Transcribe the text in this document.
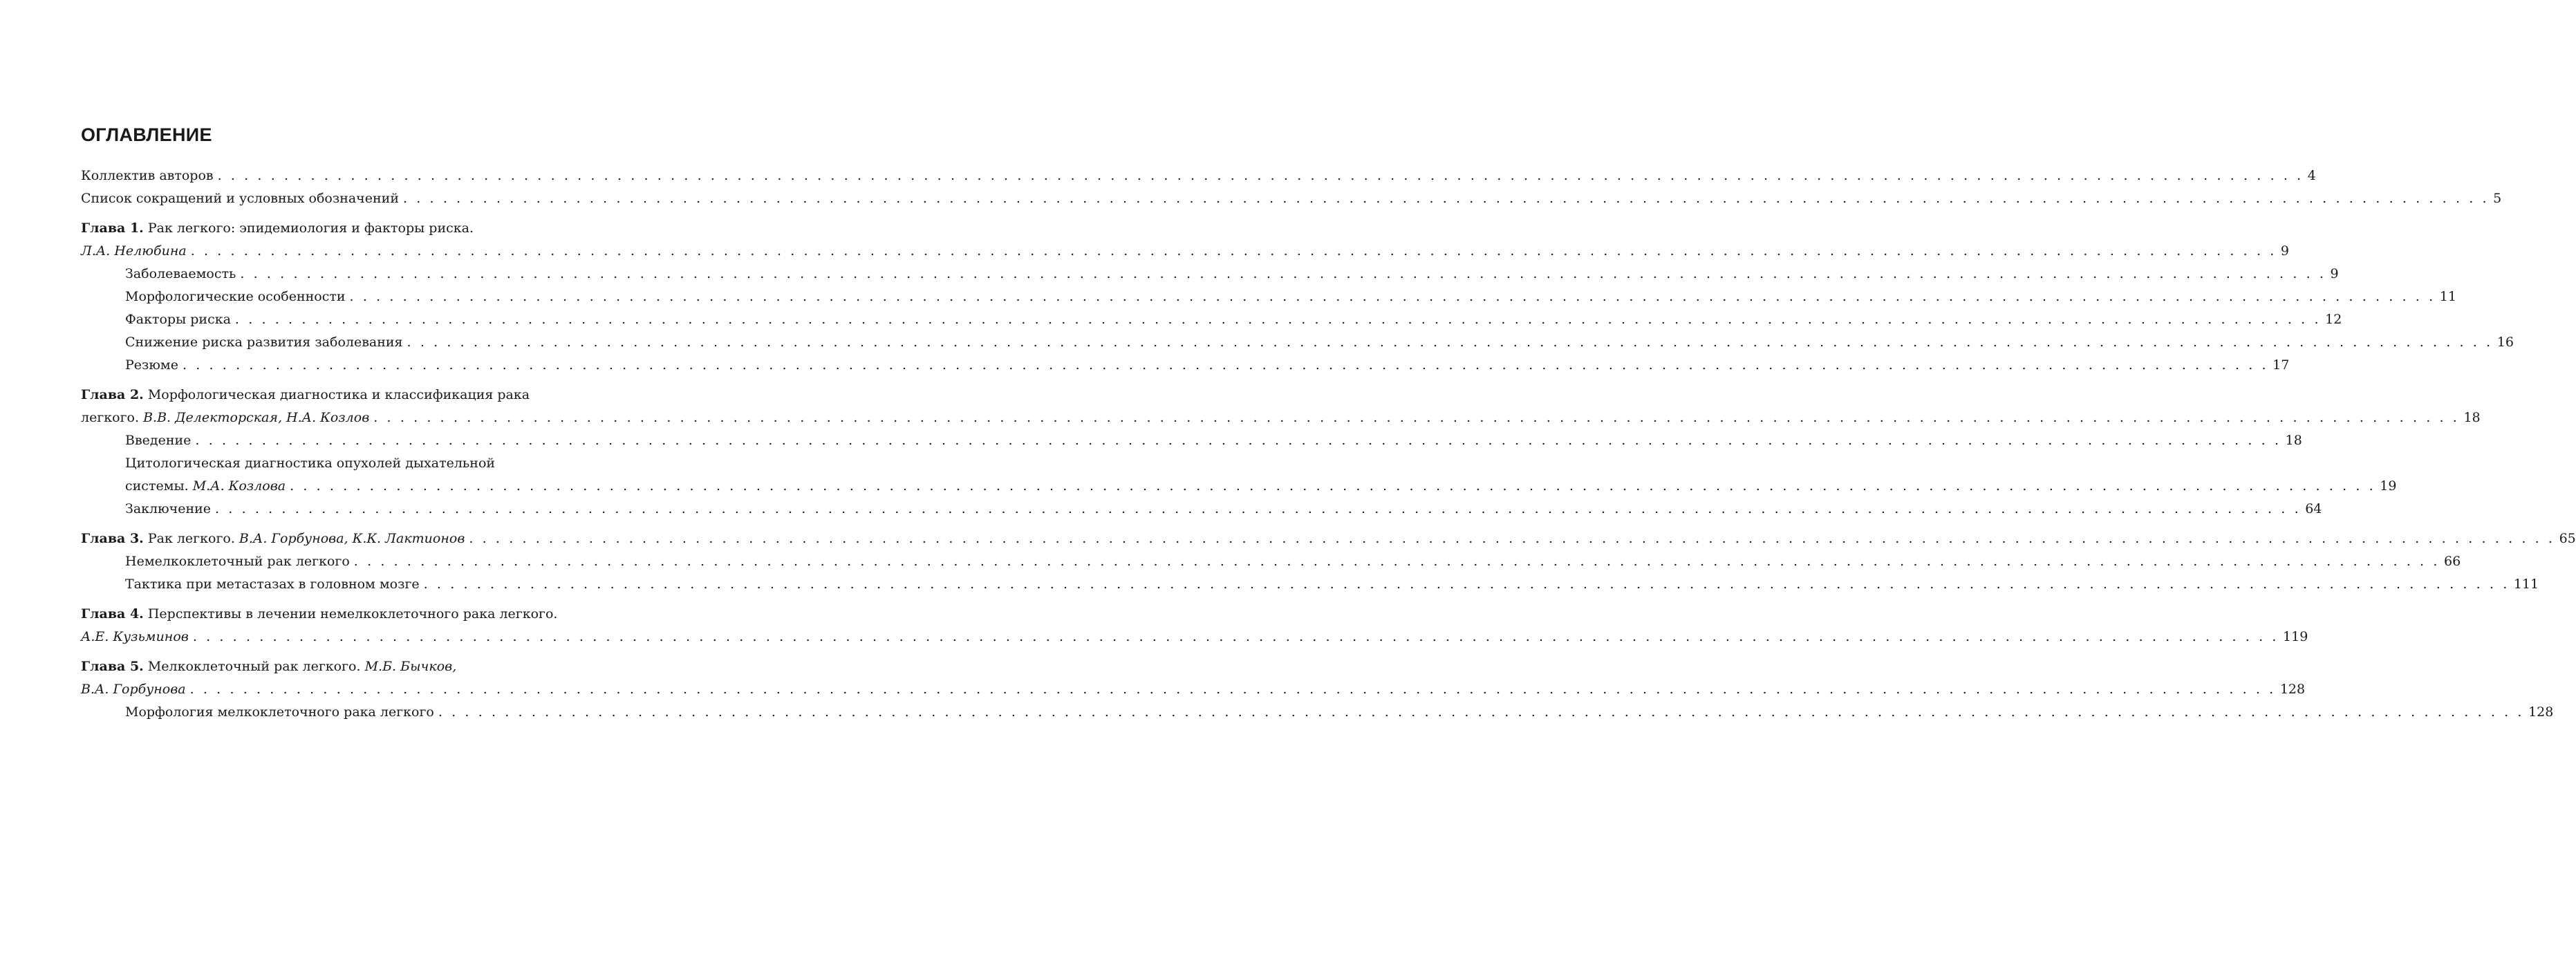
ОГЛАВЛЕНИЕ
Коллектив авторов . . .	4
Список сокращений и условных обозначений . . .	5
Глава 1. Рак легкого: эпидемиология и факторы риска.
Л.А. Нелюбина . . .	9
Заболеваемость . . .	9
Морфологические особенности . . .	11
Факторы риска . . .	12
Снижение риска развития заболевания . . .	16
Резюме . . .	17
Глава 2. Морфологическая диагностика и классификация рака
легкого. В.В. Делекторская, Н.А. Козлов . . .	18
Введение . . .	18
Цитологическая диагностика опухолей дыхательной
системы. М.А. Козлова . . .	19
Заключение . . .	64
Глава 3. Рак легкого. В.А. Горбунова, К.К. Лактионов . . .	65
Немелкоклеточный рак легкого . . .	66
Тактика при метастазах в головном мозге . . .	111
Глава 4. Перспективы в лечении немелкоклеточного рака легкого.
А.Е. Кузьминов . . .	119
Глава 5. Мелкоклеточный рак легкого. М.Б. Бычков,
В.А. Горбунова . . .	128
Морфология мелкоклеточного рака легкого . . .	128
